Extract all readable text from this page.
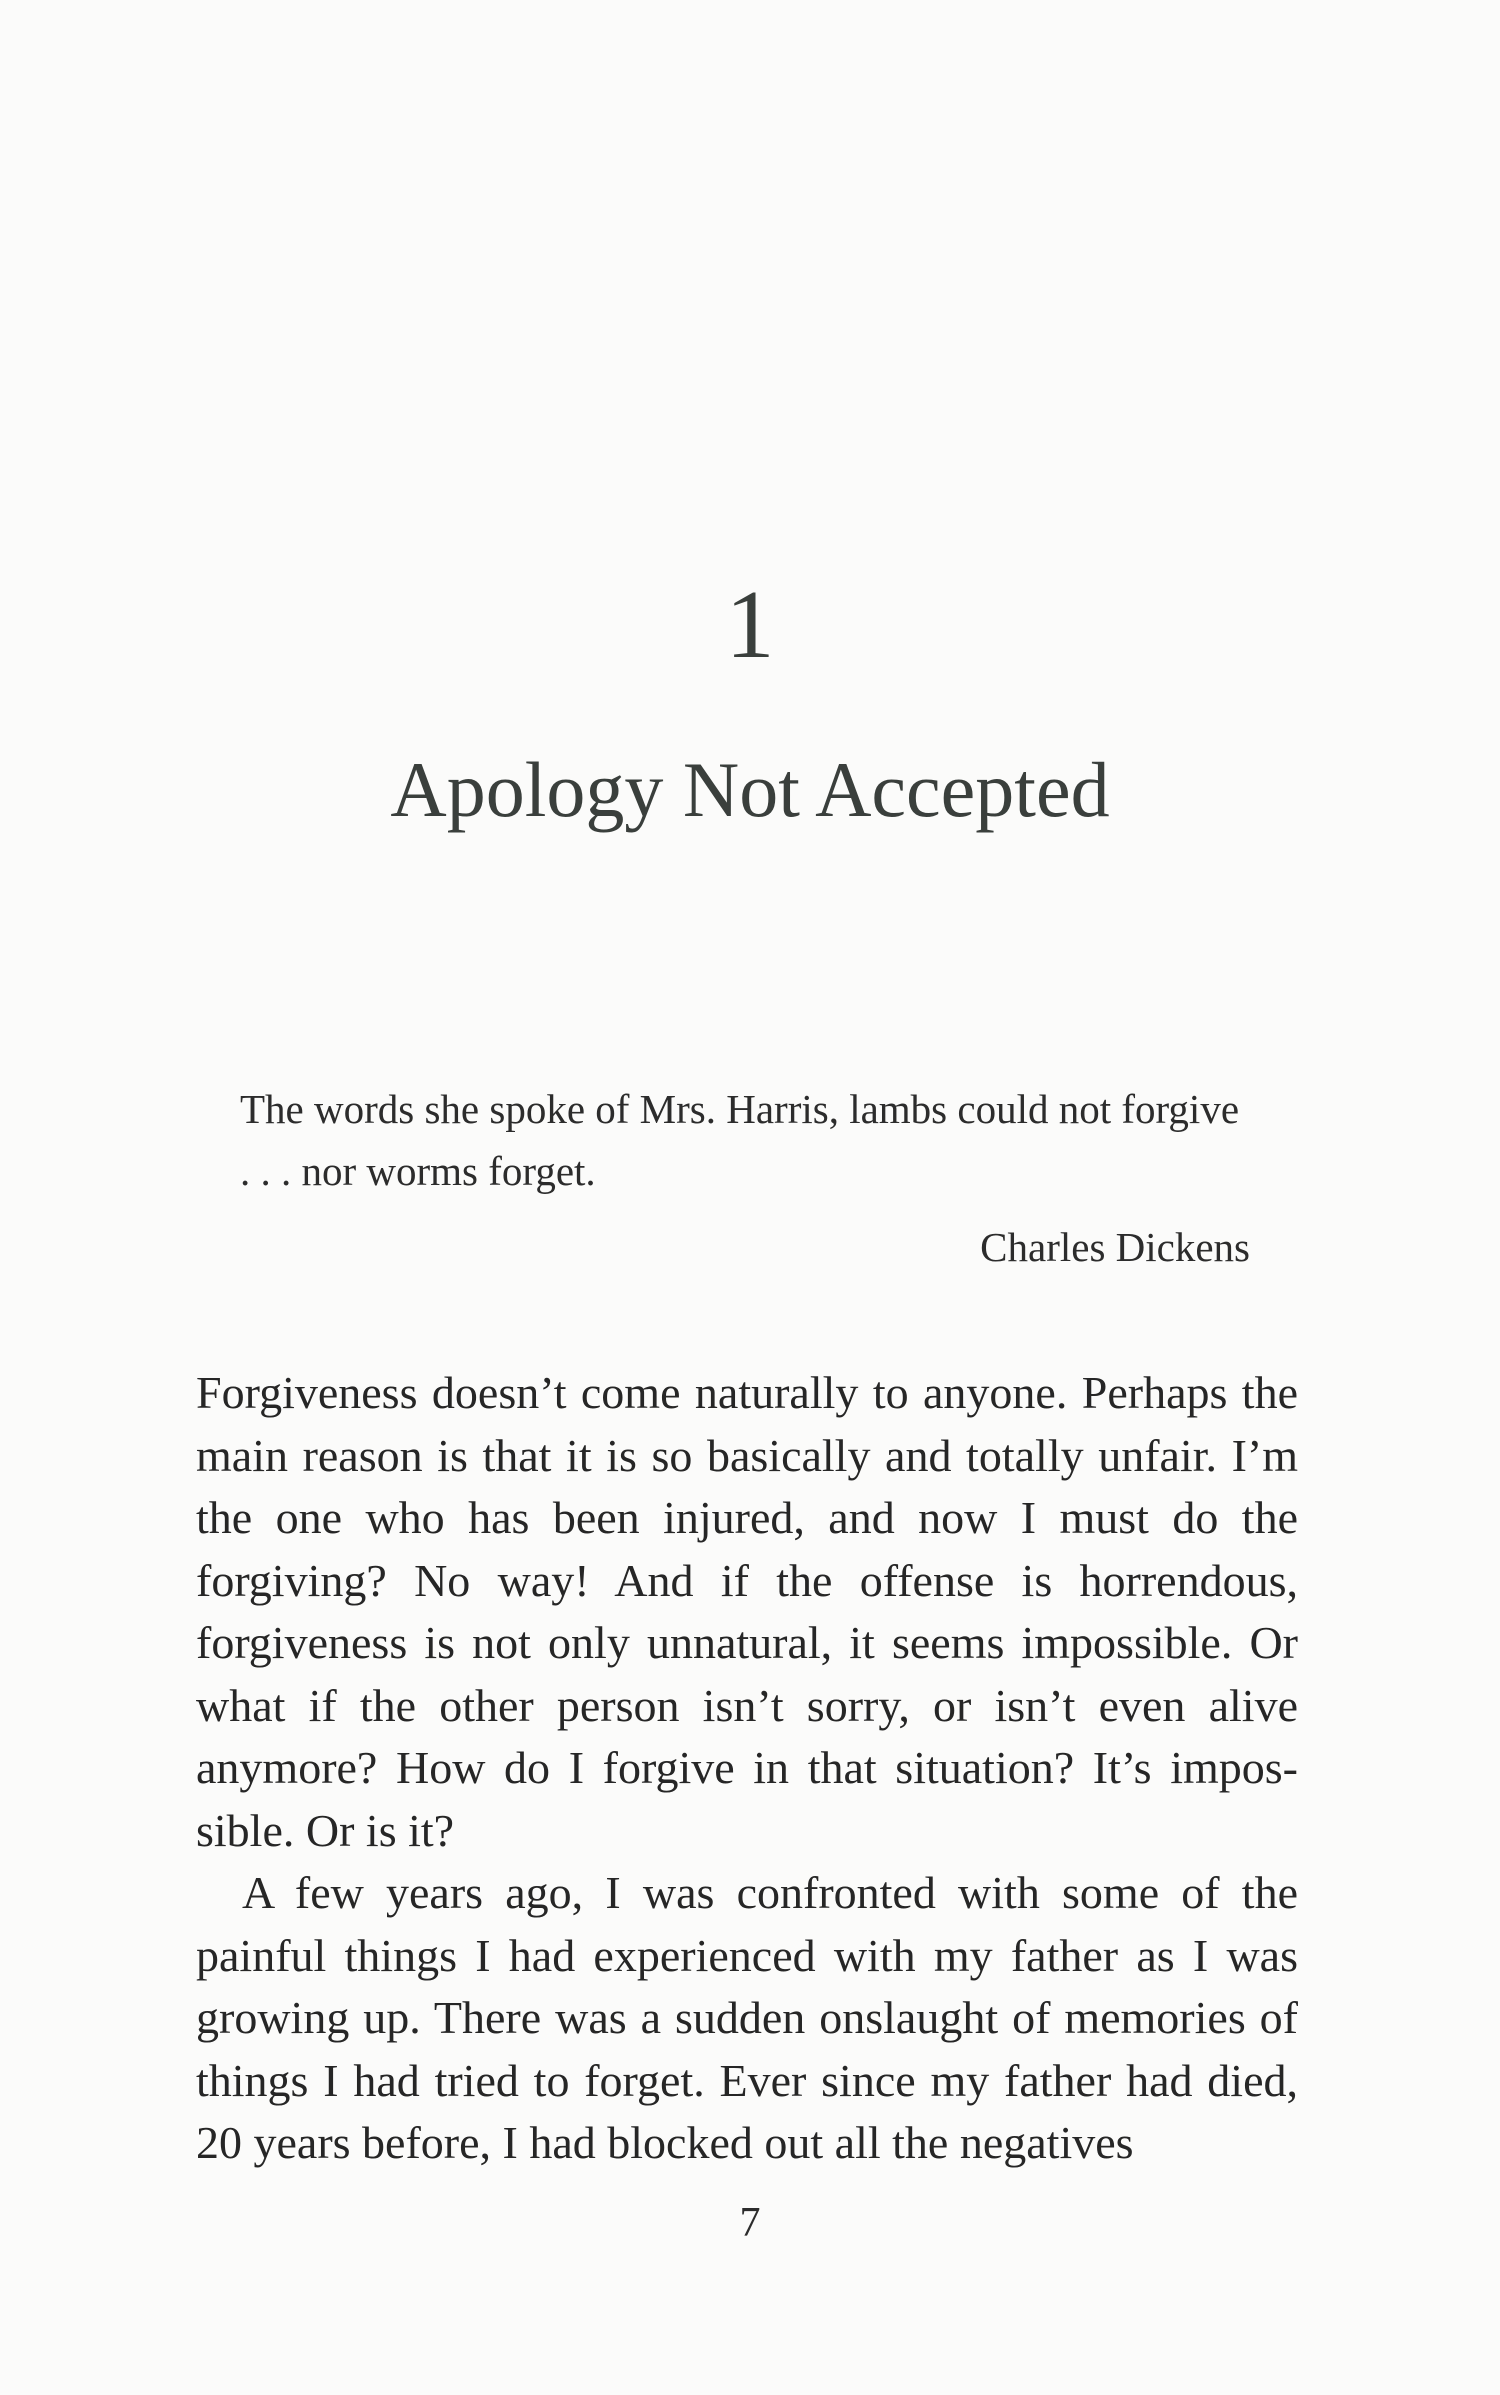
1
Apology Not Accepted

The words she spoke of Mrs. Harris, lambs could not forgive . . . nor worms forget.

Charles Dickens

Forgiveness doesn’t come naturally to anyone. Perhaps the main reason is that it is so basically and totally unfair. I’m the one who has been injured, and now I must do the forgiving? No way! And if the offense is horrendous, forgiveness is not only unnatural, it seems impossible. Or what if the other person isn’t sorry, or isn’t even alive anymore? How do I forgive in that situation? It’s impossible. Or is it?

A few years ago, I was confronted with some of the painful things I had experienced with my father as I was growing up. There was a sudden onslaught of memories of things I had tried to forget. Ever since my father had died, 20 years before, I had blocked out all the negatives

7
